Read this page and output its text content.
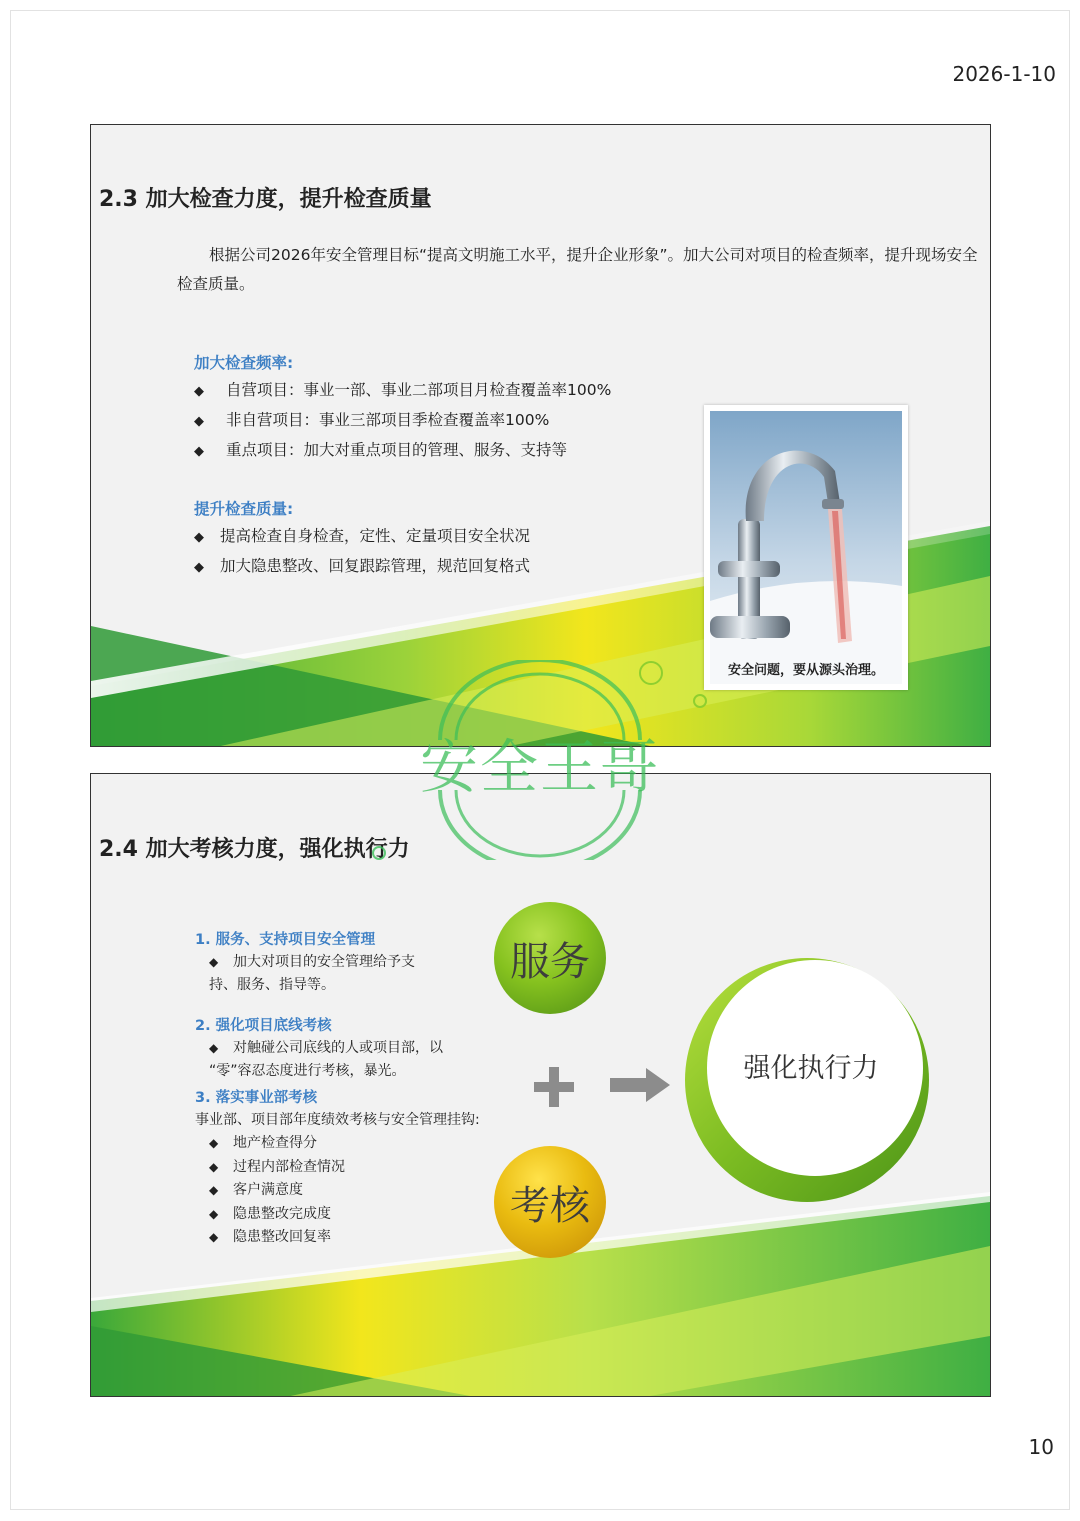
2026-1-10
2.3 加大检查力度，提升检查质量

根据公司2026年安全管理目标“提高文明施工水平，提升企业形象”。加大公司对项目的检查频率，提升现场安全检查质量。

加大检查频率:
◆ 自营项目：事业一部、事业二部项目月检查覆盖率100%
◆ 非自营项目：事业三部项目季检查覆盖率100%
◆ 重点项目：加大对重点项目的管理、服务、支持等
提升检查质量:
◆ 提高检查自身检查，定性、定量项目安全状况
◆ 加大隐患整改、回复跟踪管理，规范回复格式
安全问题，要从源头治理。
2.4 加大考核力度，强化执行力
1. 服务、支持项目安全管理
◆ 加大对项目的安全管理给予支
持、服务、指导等。
2. 强化项目底线考核
◆ 对触碰公司底线的人或项目部，以
“零”容忍态度进行考核，暴光。
3. 落实事业部考核
事业部、项目部年度绩效考核与安全管理挂钩:
◆ 地产检查得分
◆ 过程内部检查情况
◆ 客户满意度
◆ 隐患整改完成度
◆ 隐患整改回复率
服务
考核
强化执行力
安全王哥
10
